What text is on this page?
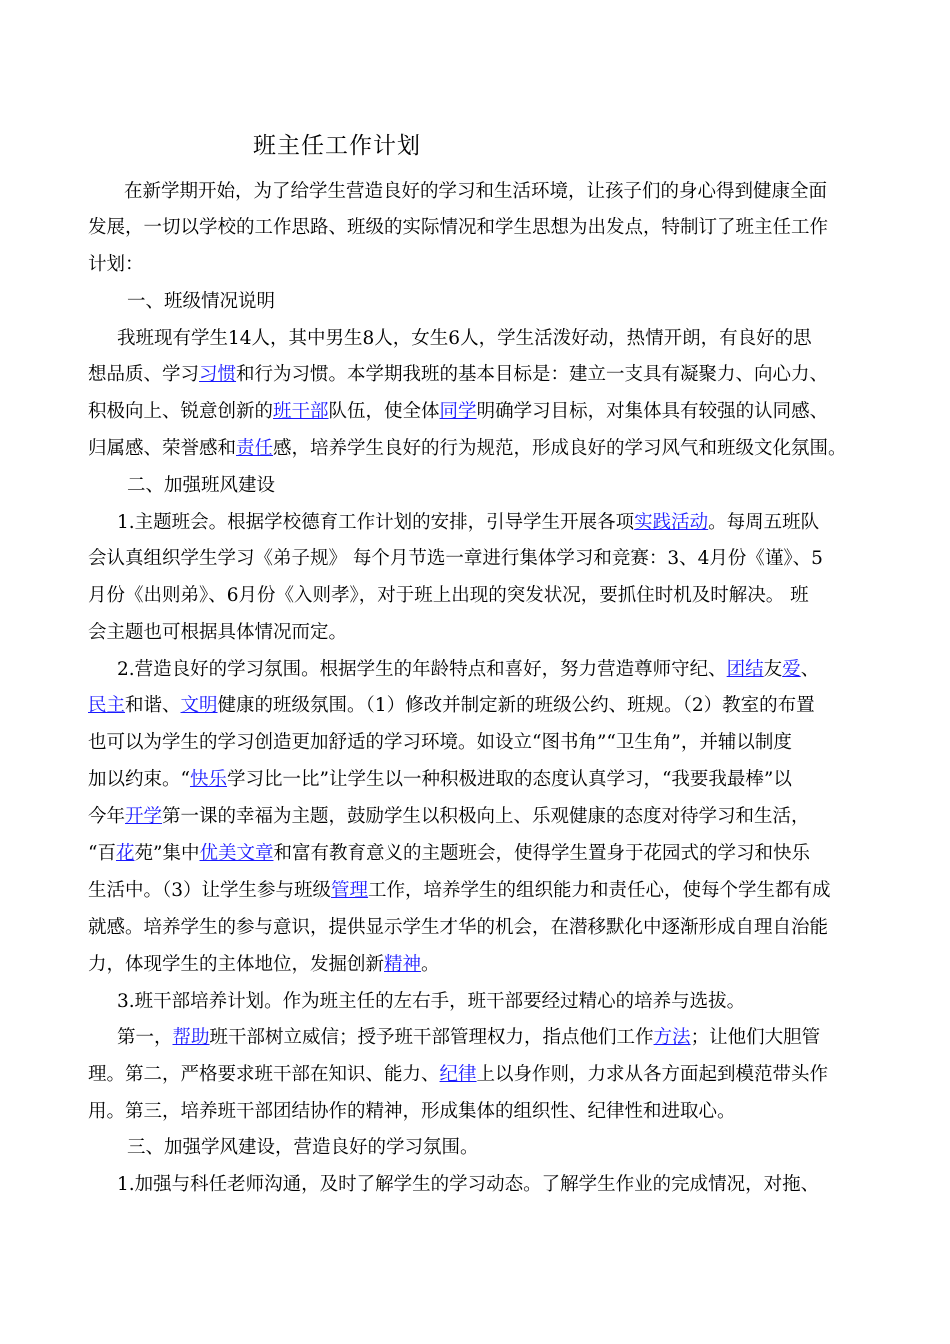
班主任工作计划
在新学期开始，为了给学生营造良好的学习和生活环境，让孩子们的身心得到健康全面
发展，一切以学校的工作思路、班级的实际情况和学生思想为出发点，特制订了班主任工作
计划：
一、班级情况说明
我班现有学生14人，其中男生8人，女生6人，学生活泼好动，热情开朗，有良好的思
想品质、学习习惯和行为习惯。本学期我班的基本目标是：建立一支具有凝聚力、向心力、
积极向上、锐意创新的班干部队伍，使全体同学明确学习目标，对集体具有较强的认同感、
归属感、荣誉感和责任感，培养学生良好的行为规范，形成良好的学习风气和班级文化氛围。
二、加强班风建设
1.主题班会。根据学校德育工作计划的安排，引导学生开展各项实践活动。每周五班队
会认真组织学生学习《弟子规》 每个月节选一章进行集体学习和竞赛：3、4月份《谨》、5
月份《出则弟》、6月份《入则孝》，对于班上出现的突发状况，要抓住时机及时解决。 班
会主题也可根据具体情况而定。
2.营造良好的学习氛围。根据学生的年龄特点和喜好，努力营造尊师守纪、团结友爱、
民主和谐、文明健康的班级氛围。（1）修改并制定新的班级公约、班规。（2）教室的布置
也可以为学生的学习创造更加舒适的学习环境。如设立“图书角”“卫生角”，并辅以制度
加以约束。“快乐学习比一比”让学生以一种积极进取的态度认真学习，“我要我最棒”以
今年开学第一课的幸福为主题，鼓励学生以积极向上、乐观健康的态度对待学习和生活，
“百花苑”集中优美文章和富有教育意义的主题班会，使得学生置身于花园式的学习和快乐
生活中。（3）让学生参与班级管理工作，培养学生的组织能力和责任心，使每个学生都有成
就感。培养学生的参与意识，提供显示学生才华的机会，在潜移默化中逐渐形成自理自治能
力，体现学生的主体地位，发掘创新精神。
3.班干部培养计划。作为班主任的左右手，班干部要经过精心的培养与选拔。
第一，帮助班干部树立威信；授予班干部管理权力，指点他们工作方法；让他们大胆管
理。第二，严格要求班干部在知识、能力、纪律上以身作则，力求从各方面起到模范带头作
用。第三，培养班干部团结协作的精神，形成集体的组织性、纪律性和进取心。
三、加强学风建设，营造良好的学习氛围。
1.加强与科任老师沟通，及时了解学生的学习动态。了解学生作业的完成情况，对拖、
